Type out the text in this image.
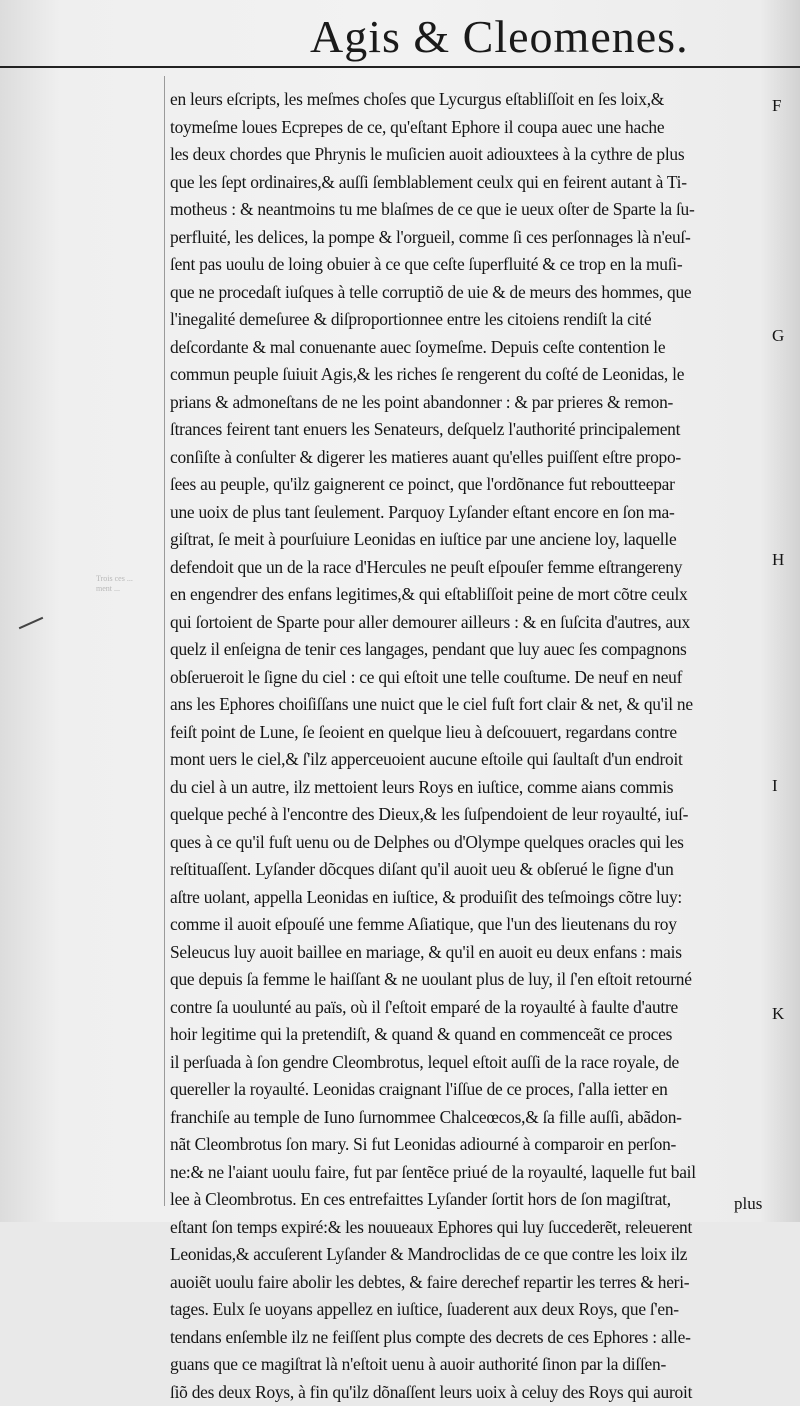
Agis & Cleomenes.
Trois ces ... ment ...
en leurs eſcripts, les meſmes choſes que Lycurgus eſtabliſſoit en ſes loix,&
toymeſme loues Ecprepes de ce, qu'eſtant Ephore il coupa auec une hache
les deux chordes que Phrynis le muſicien auoit adiouxtees à la cythre de plus
que les ſept ordinaires,& auſſi ſemblablement ceulx qui en feirent autant à Ti-
motheus : & neantmoins tu me blaſmes de ce que ie ueux oſter de Sparte la ſu-
perfluité, les delices, la pompe & l'orgueil, comme ſi ces perſonnages là n'euſ-
ſent pas uoulu de loing obuier à ce que ceſte ſuperfluité & ce trop en la muſi-
que ne procedaſt iuſques à telle corruptiõ de uie & de meurs des hommes, que
l'inegalité demeſuree & diſproportionnee entre les citoiens rendiſt la cité
deſcordante & mal conuenante auec ſoymeſme. Depuis ceſte contention le
commun peuple ſuiuit Agis,& les riches ſe rengerent du coſté de Leonidas, le
prians & admoneſtans de ne les point abandonner : & par prieres & remon-
ſtrances feirent tant enuers les Senateurs, deſquelz l'authorité principalement
conſiſte à conſulter & digerer les matieres auant qu'elles puiſſent eſtre propo-
ſees au peuple, qu'ilz gaignerent ce poinct, que l'ordõnance fut reboutteepar
une uoix de plus tant ſeulement. Parquoy Lyſander eſtant encore en ſon ma-
giſtrat, ſe meit à pourſuiure Leonidas en iuſtice par une anciene loy, laquelle
defendoit que un de la race d'Hercules ne peuſt eſpouſer femme eſtrangereny
en engendrer des enfans legitimes,& qui eſtabliſſoit peine de mort cõtre ceulx
qui ſortoient de Sparte pour aller demourer ailleurs : & en ſuſcita d'autres, aux
quelz il enſeigna de tenir ces langages, pendant que luy auec ſes compagnons
obſerueroit le ſigne du ciel : ce qui eſtoit une telle couſtume. De neuf en neuf
ans les Ephores choiſiſſans une nuict que le ciel fuſt fort clair & net, & qu'il ne
feiſt point de Lune, ſe ſeoient en quelque lieu à deſcouuert, regardans contre
mont uers le ciel,& ſ'ilz apperceuoient aucune eſtoile qui ſaultaſt d'un endroit
du ciel à un autre, ilz mettoient leurs Roys en iuſtice, comme aians commis
quelque peché à l'encontre des Dieux,& les ſuſpendoient de leur royaulté, iuſ-
ques à ce qu'il fuſt uenu ou de Delphes ou d'Olympe quelques oracles qui les
reſtituaſſent. Lyſander dõcques diſant qu'il auoit ueu & obſerué le ſigne d'un
aſtre uolant, appella Leonidas en iuſtice, & produiſit des teſmoings cõtre luy:
comme il auoit eſpouſé une femme Aſiatique, que l'un des lieutenans du roy
Seleucus luy auoit baillee en mariage, & qu'il en auoit eu deux enfans : mais
que depuis ſa femme le haiſſant & ne uoulant plus de luy, il ſ'en eſtoit retourné
contre ſa uoulunté au païs, où il ſ'eſtoit emparé de la royaulté à faulte d'autre
hoir legitime qui la pretendiſt, & quand & quand en commenceãt ce proces
il perſuada à ſon gendre Cleombrotus, lequel eſtoit auſſi de la race royale, de
quereller la royaulté. Leonidas craignant l'iſſue de ce proces, ſ'alla ietter en
franchiſe au temple de Iuno ſurnommee Chalceœcos,& ſa fille auſſi, abãdon-
nãt Cleombrotus ſon mary. Si fut Leonidas adiourné à comparoir en perſon-
ne:& ne l'aiant uoulu faire, fut par ſentẽce priué de la royaulté, laquelle fut bail
lee à Cleombrotus. En ces entrefaittes Lyſander ſortit hors de ſon magiſtrat,
eſtant ſon temps expiré:& les nouueaux Ephores qui luy ſuccederẽt, releuerent
Leonidas,& accuſerent Lyſander & Mandroclidas de ce que contre les loix ilz
auoiẽt uoulu faire abolir les debtes, & faire derechef repartir les terres & heri-
tages. Eulx ſe uoyans appellez en iuſtice, ſuaderent aux deux Roys, que ſ'en-
tendans enſemble ilz ne feiſſent plus compte des decrets de ces Ephores : alle-
guans que ce magiſtrat là n'eſtoit uenu à auoir authorité ſinon par la diſſen-
ſiõ des deux Roys, à fin qu'ilz dõnaſſent leurs uoix à celuy des Roys qui auroit
F
G
H
I
K
plus
